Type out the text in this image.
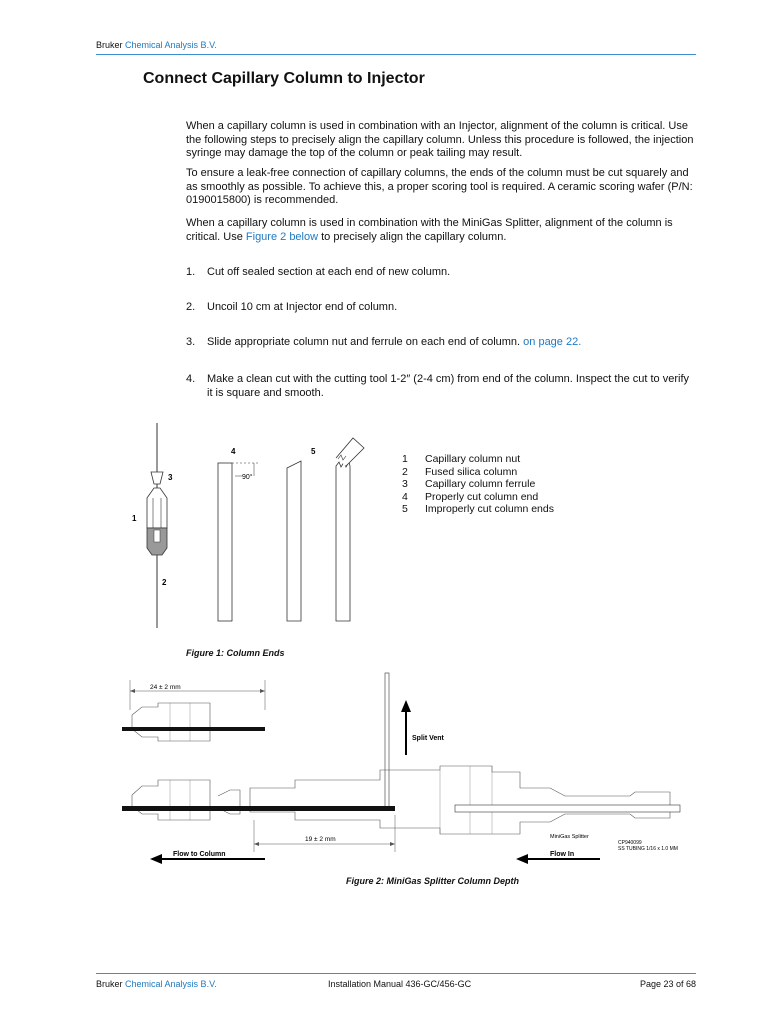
Bruker Chemical Analysis B.V.
Connect Capillary Column to Injector

When a capillary column is used in combination with an Injector, alignment of the column is critical. Use the following steps to precisely align the capillary column. Unless this procedure is followed, the injection syringe may damage the top of the column or peak tailing may result.

To ensure a leak-free connection of capillary columns, the ends of the column must be cut squarely and as smoothly as possible. To achieve this, a proper scoring tool is required. A ceramic scoring wafer (P/N: 0190015800) is recommended.

When a capillary column is used in combination with the MiniGas Splitter, alignment of the column is critical. Use Figure 2 below to precisely align the capillary column.

1. Cut off sealed section at each end of new column.
2. Uncoil 10 cm at Injector end of column.
3. Slide appropriate column nut and ferrule on each end of column. on page 22.
4. Make a clean cut with the cutting tool 1-2″ (2-4 cm) from end of the column. Inspect the cut to verify it is square and smooth.
3
1
2
4
90°
5
1	Capillary column nut
2	Fused silica column
3	Capillary column ferrule
4	Properly cut column end
5	Improperly cut column ends
Figure 1: Column Ends
24 ± 2 mm
Split Vent
19 ± 2 mm	MiniGas Splitter
CP940099
SS TUBING 1/16 x 1.0 MM
Flow to Column	Flow In
Figure 2: MiniGas Splitter Column Depth
Bruker Chemical Analysis B.V.	Installation Manual 436-GC/456-GC	Page 23 of 68
